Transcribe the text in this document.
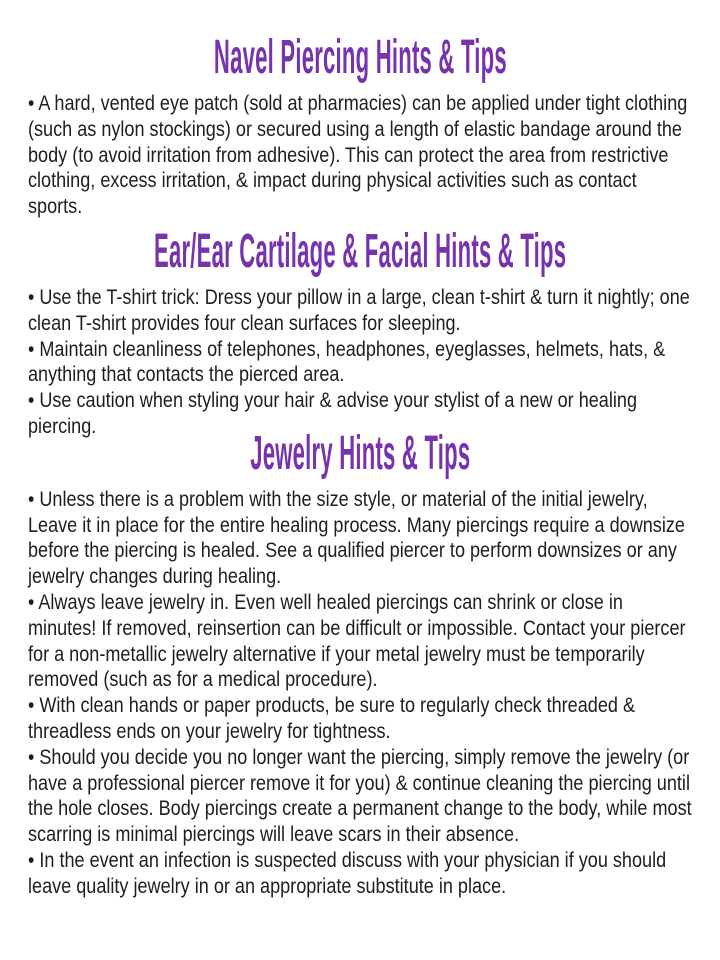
Navel Piercing Hints & Tips

• A hard, vented eye patch (sold at pharmacies) can be applied under tight clothing (such as nylon stockings) or secured using a length of elastic bandage around the body (to avoid irritation from adhesive). This can protect the area from restrictive clothing, excess irritation, & impact during physical activities such as contact sports.

Ear/Ear Cartilage & Facial Hints & Tips

• Use the T-shirt trick: Dress your pillow in a large, clean t-shirt & turn it nightly; one clean T-shirt provides four clean surfaces for sleeping.

• Maintain cleanliness of telephones, headphones, eyeglasses, helmets, hats, & anything that contacts the pierced area.

• Use caution when styling your hair & advise your stylist of a new or healing piercing.

Jewelry Hints & Tips

• Unless there is a problem with the size style, or material of the initial jewelry, Leave it in place for the entire healing process. Many piercings require a downsize before the piercing is healed. See a qualified piercer to perform downsizes or any jewelry changes during healing.

• Always leave jewelry in. Even well healed piercings can shrink or close in minutes! If removed, reinsertion can be difficult or impossible. Contact your piercer for a non-metallic jewelry alternative if your metal jewelry must be temporarily removed (such as for a medical procedure).

• With clean hands or paper products, be sure to regularly check threaded & threadless ends on your jewelry for tightness.

• Should you decide you no longer want the piercing, simply remove the jewelry (or have a professional piercer remove it for you) & continue cleaning the piercing until the hole closes. Body piercings create a permanent change to the body, while most scarring is minimal piercings will leave scars in their absence.

• In the event an infection is suspected discuss with your physician if you should leave quality jewelry in or an appropriate substitute in place.
